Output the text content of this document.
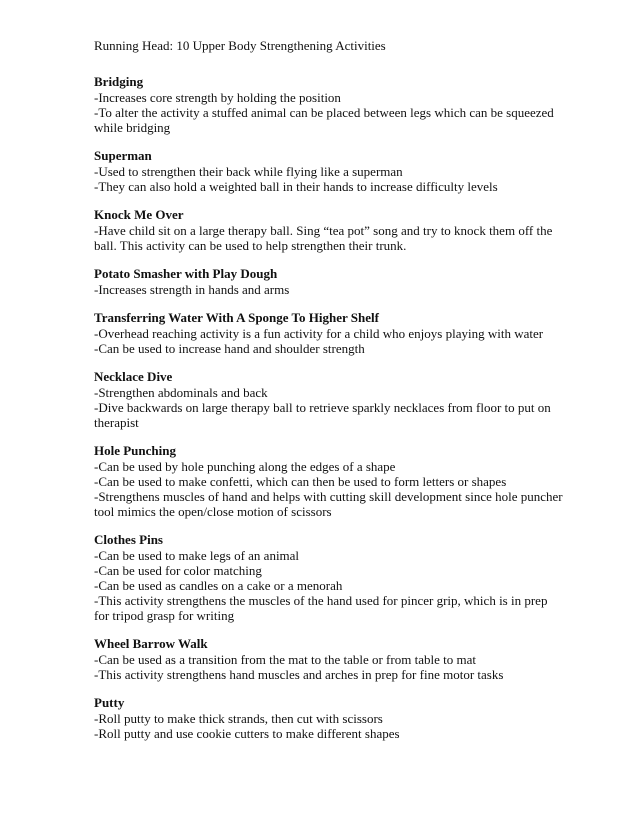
Running Head: 10 Upper Body Strengthening Activities

Bridging

-Increases core strength by holding the position

-To alter the activity a stuffed animal can be placed between legs which can be squeezed while bridging

Superman

-Used to strengthen their back while flying like a superman

-They can also hold a weighted ball in their hands to increase difficulty levels

Knock Me Over

-Have child sit on a large therapy ball. Sing “tea pot” song and try to knock them off the ball. This activity can be used to help strengthen their trunk.

Potato Smasher with Play Dough

-Increases strength in hands and arms

Transferring Water With A Sponge To Higher Shelf

-Overhead reaching activity is a fun activity for a child who enjoys playing with water

-Can be used to increase hand and shoulder strength

Necklace Dive

-Strengthen abdominals and back

-Dive backwards on large therapy ball to retrieve sparkly necklaces from floor to put on therapist

Hole Punching

-Can be used by hole punching along the edges of a shape

-Can be used to make confetti, which can then be used to form letters or shapes

-Strengthens muscles of hand and helps with cutting skill development since hole puncher tool mimics the open/close motion of scissors

Clothes Pins

-Can be used to make legs of an animal

-Can be used for color matching

-Can be used as candles on a cake or a menorah

-This activity strengthens the muscles of the hand used for pincer grip, which is in prep for tripod grasp for writing

Wheel Barrow Walk

-Can be used as a transition from the mat to the table or from table to mat

-This activity strengthens hand muscles and arches in prep for fine motor tasks

Putty

-Roll putty to make thick strands, then cut with scissors

-Roll putty and use cookie cutters to make different shapes
